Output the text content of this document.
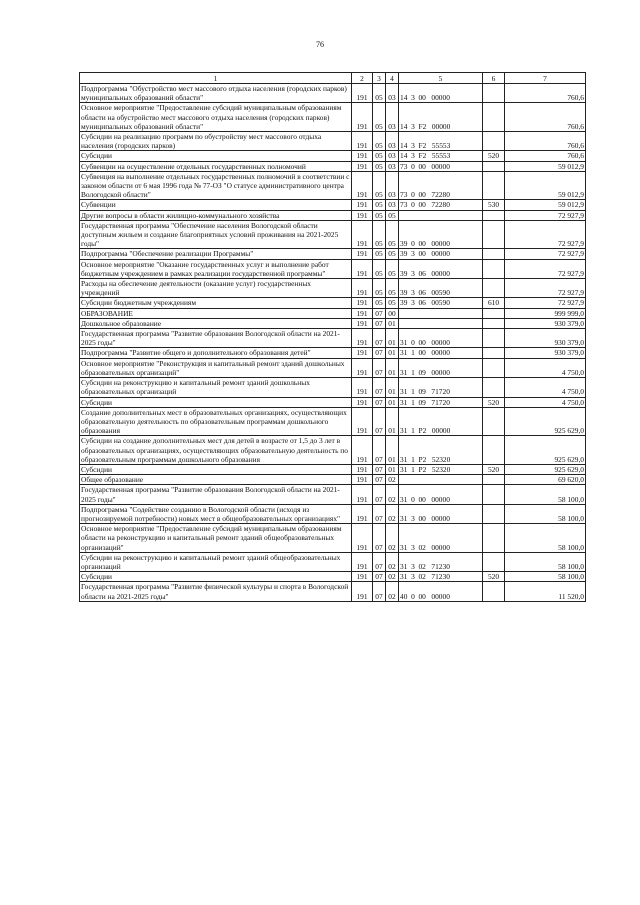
76
1	2	3	4	5	6	7
Подпрограмма "Обустройство мест массового отдыха населения (городских парков) муниципальных образований области"	191	05	03	14  3  00   00000		760,6
Основное мероприятие "Предоставление субсидий муниципальным образованиям области на обустройство мест массового отдыха населения (городских парков) муниципальных образований области"	191	05	03	14  3  F2   00000		760,6
Субсидии на реализацию программ по обустройству мест массового отдыха населения (городских парков)	191	05	03	14  3  F2   55553		760,6
Субсидии	191	05	03	14  3  F2   55553	520	760,6
Субвенции на осуществление отдельных государственных полномочий	191	05	03	73  0  00   00000		59 012,9
Субвенция на выполнение отдельных государственных полномочий в соответствии с законом области от 6 мая 1996 года № 77-ОЗ "О статусе административного центра Вологодской области"	191	05	03	73  0  00   72280		59 012,9
Субвенции	191	05	03	73  0  00   72280	530	59 012,9
Другие вопросы в области жилищно-коммунального хозяйства	191	05	05			72 927,9
Государственная программа "Обеспечение населения Вологодской области доступным жильем и создание благоприятных условий проживания на 2021-2025 годы"	191	05	05	39  0  00   00000		72 927,9
Подпрограмма "Обеспечение реализации Программы"	191	05	05	39  3  00   00000		72 927,9
Основное мероприятие "Оказание государственных услуг и выполнение работ бюджетным учреждением в рамках реализации государственной программы"	191	05	05	39  3  06   00000		72 927,9
Расходы на обеспечение деятельности (оказание услуг) государственных учреждений	191	05	05	39  3  06   00590		72 927,9
Субсидии бюджетным учреждениям	191	05	05	39  3  06   00590	610	72 927,9
ОБРАЗОВАНИЕ	191	07	00			999 999,0
Дошкольное образование	191	07	01			930 379,0
Государственная программа "Развитие образования Вологодской области на 2021-2025 годы"	191	07	01	31  0  00   00000		930 379,0
Подпрограмма "Развитие общего и дополнительного образования детей"	191	07	01	31  1  00   00000		930 379,0
Основное мероприятие "Реконструкция и капитальный ремонт зданий дошкольных образовательных организаций"	191	07	01	31  1  09   00000		4 750,0
Субсидии на реконструкцию и капитальный ремонт зданий дошкольных образовательных организаций	191	07	01	31  1  09   71720		4 750,0
Субсидии	191	07	01	31  1  09   71720	520	4 750,0
Создание дополнительных мест в образовательных организациях, осуществляющих образовательную деятельность по образовательным программам дошкольного образования	191	07	01	31  1  P2   00000		925 629,0
Субсидии на создание дополнительных мест для детей в возрасте от 1,5 до 3 лет в образовательных организациях, осуществляющих образовательную деятельность по образовательным программам дошкольного образования	191	07	01	31  1  P2   52320		925 629,0
Субсидии	191	07	01	31  1  P2   52320	520	925 629,0
Общее образование	191	07	02			69 620,0
Государственная программа "Развитие образования Вологодской области на 2021-2025 годы"	191	07	02	31  0  00   00000		58 100,0
Подпрограмма "Содействие созданию в Вологодской области (исходя из прогнозируемой потребности) новых мест в общеобразовательных организациях"	191	07	02	31  3  00   00000		58 100,0
Основное мероприятие "Предоставление субсидий муниципальным образованиям области на реконструкцию и капитальный ремонт зданий общеобразовательных организаций"	191	07	02	31  3  02   00000		58 100,0
Субсидии на реконструкцию и капитальный ремонт зданий общеобразовательных организаций	191	07	02	31  3  02   71230		58 100,0
Субсидии	191	07	02	31  3  02   71230	520	58 100,0
Государственная программа "Развитие физической культуры и спорта в Вологодской области на 2021-2025 годы"	191	07	02	40  0  00   00000		11 520,0
